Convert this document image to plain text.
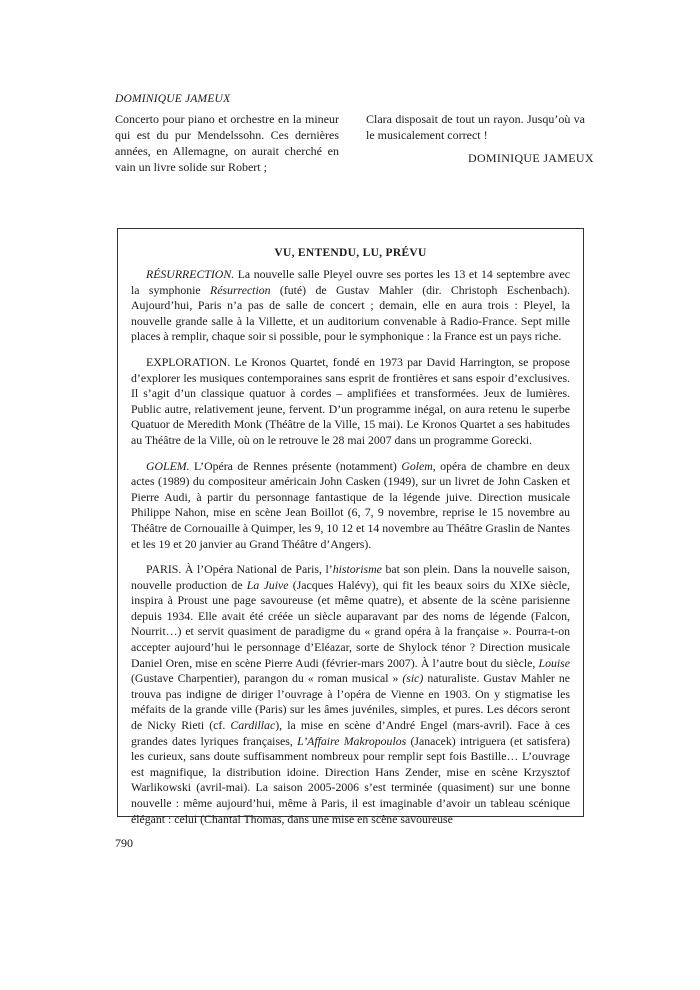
DOMINIQUE JAMEUX
Concerto pour piano et orchestre en la mineur qui est du pur Mendelssohn. Ces dernières années, en Allemagne, on aurait cherché en vain un livre solide sur Robert ;
Clara disposait de tout un rayon. Jusqu’où va le musicalement correct !
DOMINIQUE JAMEUX
VU, ENTENDU, LU, PRÉVU

RÉSURRECTION. La nouvelle salle Pleyel ouvre ses portes les 13 et 14 septembre avec la symphonie Résurrection (futé) de Gustav Mahler (dir. Christoph Eschenbach). Aujourd’hui, Paris n’a pas de salle de concert ; demain, elle en aura trois : Pleyel, la nouvelle grande salle à la Villette, et un auditorium convenable à Radio-France. Sept mille places à remplir, chaque soir si possible, pour le symphonique : la France est un pays riche.

EXPLORATION. Le Kronos Quartet, fondé en 1973 par David Harrington, se propose d’explorer les musiques contemporaines sans esprit de frontières et sans espoir d’exclusives. Il s’agit d’un classique quatuor à cordes – amplifiées et transformées. Jeux de lumières. Public autre, relativement jeune, fervent. D’un programme inégal, on aura retenu le superbe Quatuor de Meredith Monk (Théâtre de la Ville, 15 mai). Le Kronos Quartet a ses habitudes au Théâtre de la Ville, où on le retrouve le 28 mai 2007 dans un programme Gorecki.

GOLEM. L’Opéra de Rennes présente (notamment) Golem, opéra de chambre en deux actes (1989) du compositeur américain John Casken (1949), sur un livret de John Casken et Pierre Audi, à partir du personnage fantastique de la légende juive. Direction musicale Philippe Nahon, mise en scène Jean Boillot (6, 7, 9 novembre, reprise le 15 novembre au Théâtre de Cornouaille à Quimper, les 9, 10 12 et 14 novembre au Théâtre Graslin de Nantes et les 19 et 20 janvier au Grand Théâtre d’Angers).

PARIS. À l’Opéra National de Paris, l’historisme bat son plein. Dans la nouvelle saison, nouvelle production de La Juive (Jacques Halévy), qui fit les beaux soirs du XIXe siècle, inspira à Proust une page savoureuse (et même quatre), et absente de la scène parisienne depuis 1934. Elle avait été créée un siècle auparavant par des noms de légende (Falcon, Nourrit…) et servit quasiment de paradigme du « grand opéra à la française ». Pourra-t-on accepter aujourd’hui le personnage d’Eléazar, sorte de Shylock ténor ? Direction musicale Daniel Oren, mise en scène Pierre Audi (février-mars 2007). À l’autre bout du siècle, Louise (Gustave Charpentier), parangon du « roman musical » (sic) naturaliste. Gustav Mahler ne trouva pas indigne de diriger l’ouvrage à l’opéra de Vienne en 1903. On y stigmatise les méfaits de la grande ville (Paris) sur les âmes juvéniles, simples, et pures. Les décors seront de Nicky Rieti (cf. Cardillac), la mise en scène d’André Engel (mars-avril). Face à ces grandes dates lyriques françaises, L’Affaire Makropoulos (Janacek) intriguera (et satisfera) les curieux, sans doute suffisamment nombreux pour remplir sept fois Bastille… L’ouvrage est magnifique, la distribution idoine. Direction Hans Zender, mise en scène Krzysztof Warlikowski (avril-mai). La saison 2005-2006 s’est terminée (quasiment) sur une bonne nouvelle : même aujourd’hui, même à Paris, il est imaginable d’avoir un tableau scénique élégant : celui (Chantal Thomas, dans une mise en scène savoureuse

790
